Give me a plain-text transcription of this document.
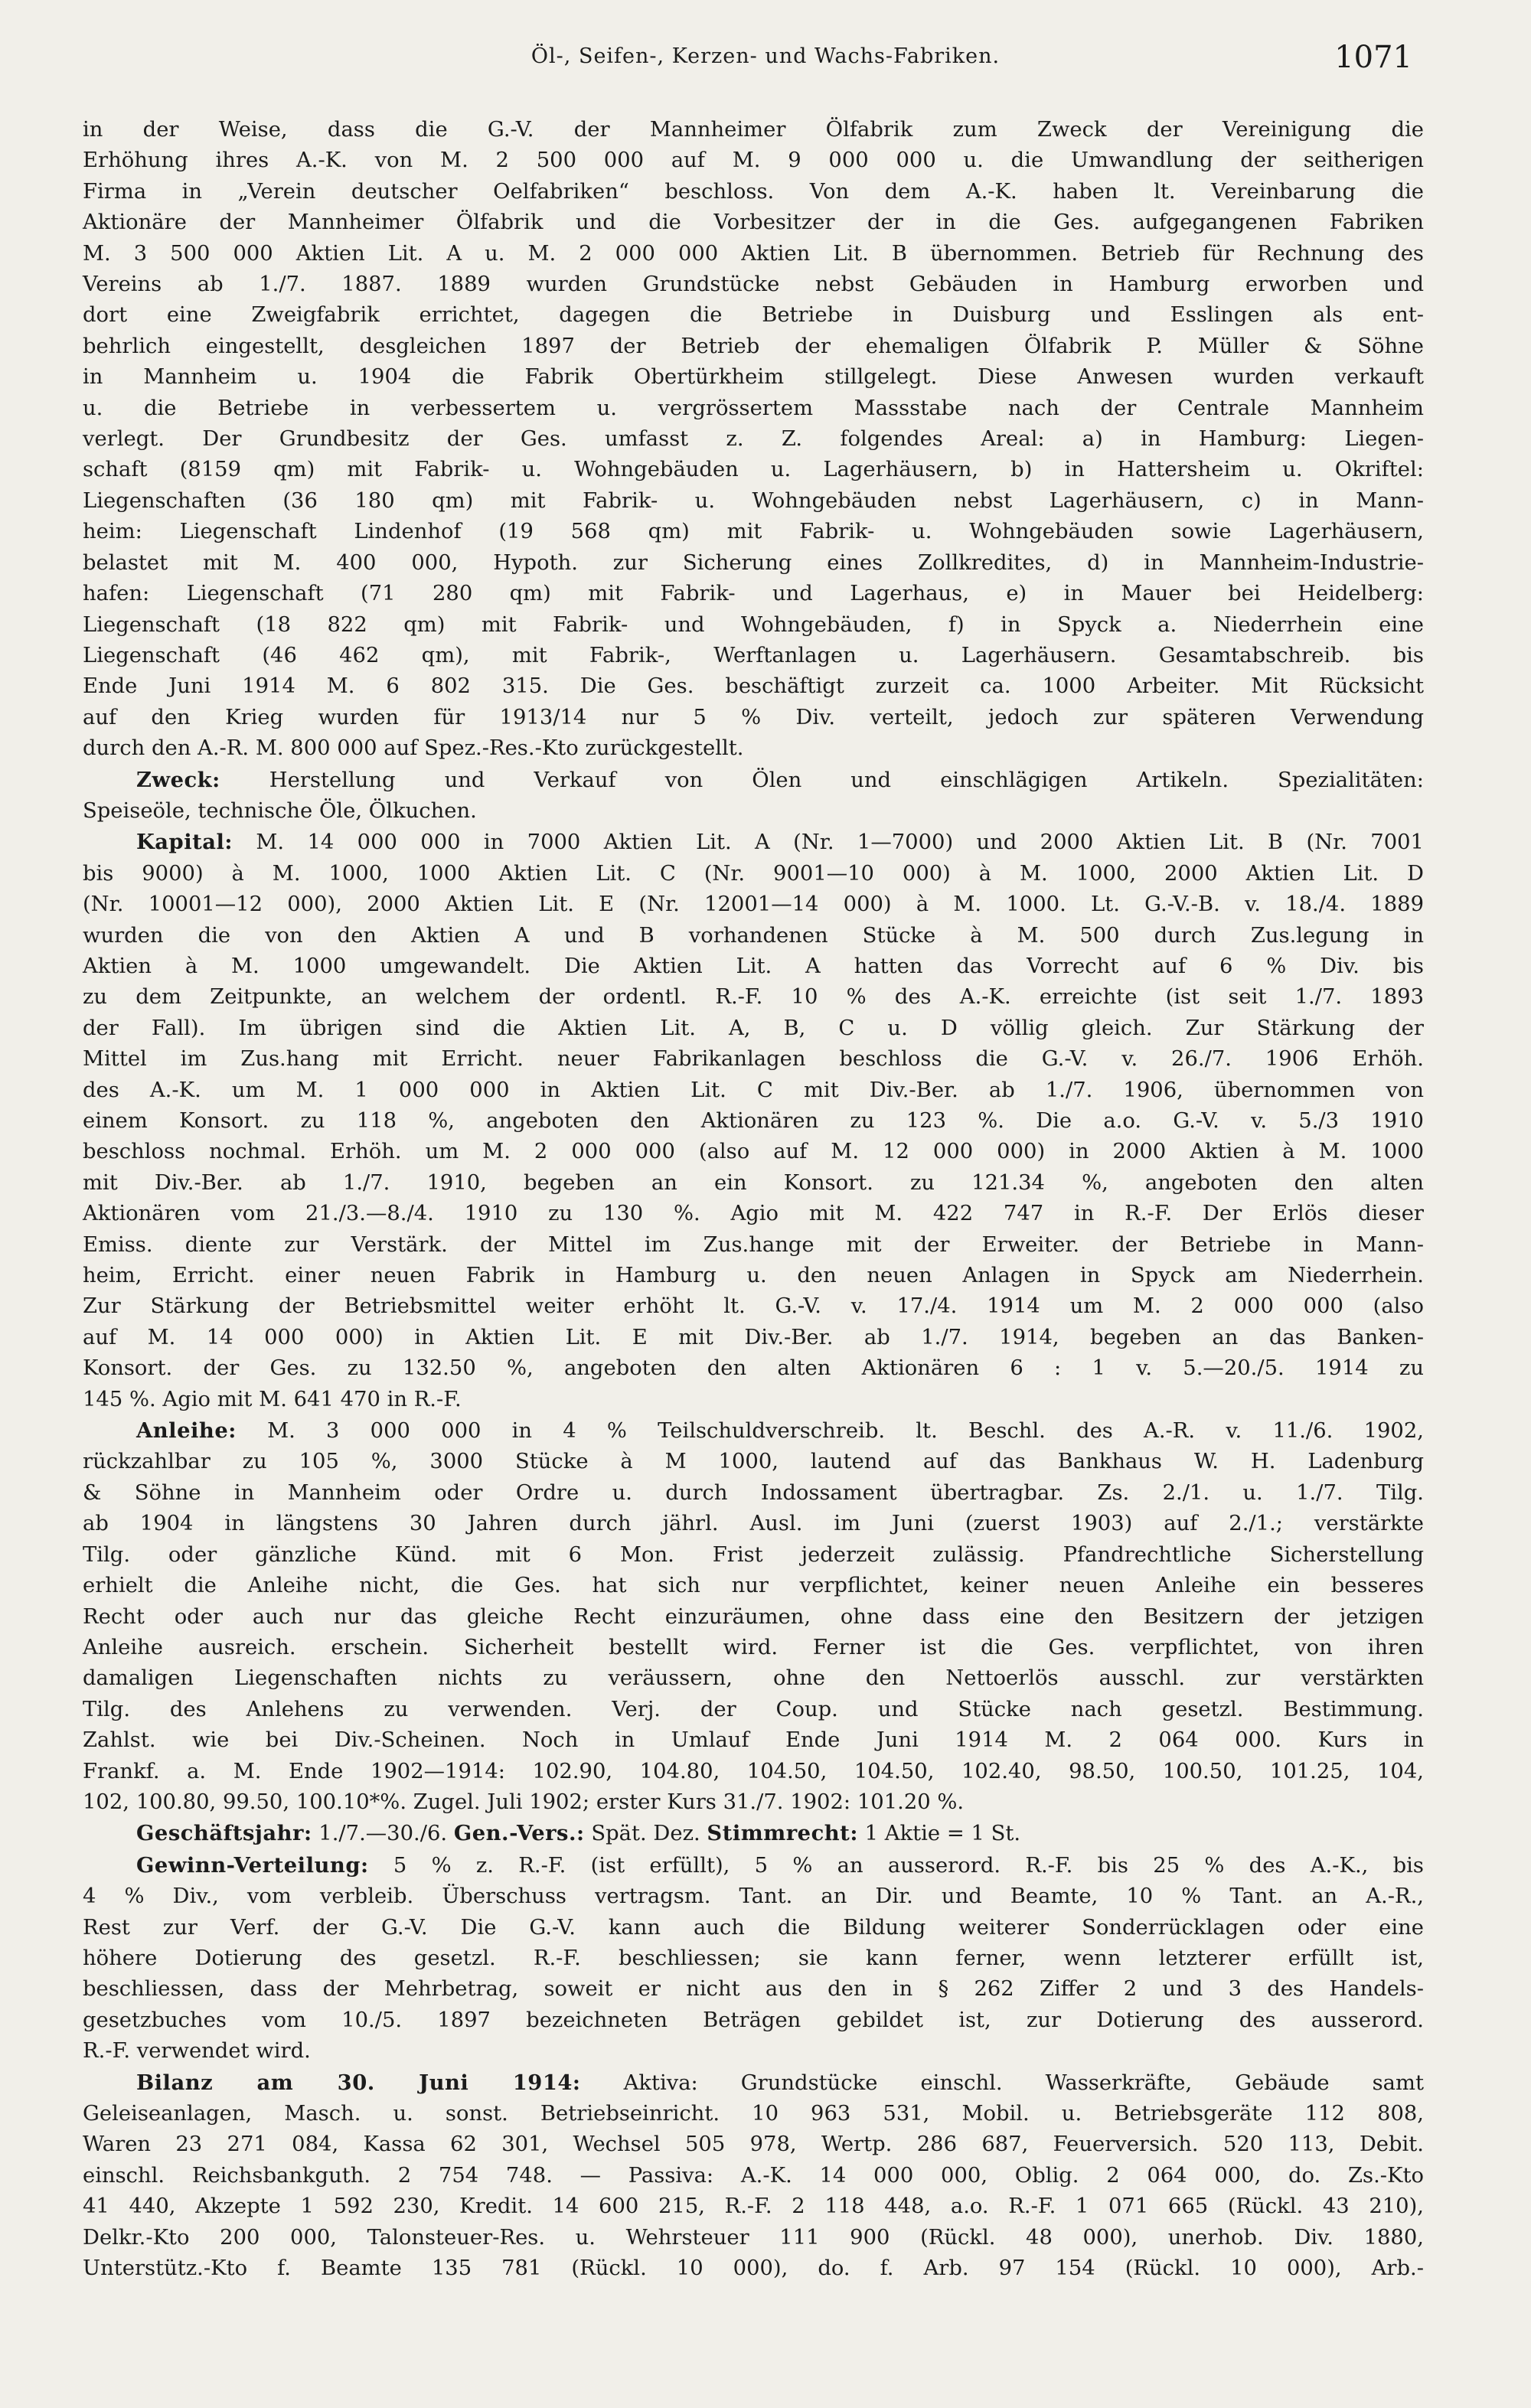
Öl-, Seifen-, Kerzen- und Wachs-Fabriken.	1071

in der Weise, dass die G.-V. der Mannheimer Ölfabrik zum Zweck der Vereinigung die
Erhöhung ihres A.-K. von M. 2 500 000 auf M. 9 000 000 u. die Umwandlung der seitherigen
Firma in „Verein deutscher Oelfabriken“ beschloss. Von dem A.-K. haben lt. Vereinbarung die
Aktionäre der Mannheimer Ölfabrik und die Vorbesitzer der in die Ges. aufgegangenen Fabriken
M. 3 500 000 Aktien Lit. A u. M. 2 000 000 Aktien Lit. B übernommen. Betrieb für Rechnung des
Vereins ab 1./7. 1887. 1889 wurden Grundstücke nebst Gebäuden in Hamburg erworben und
dort eine Zweigfabrik errichtet, dagegen die Betriebe in Duisburg und Esslingen als ent-
behrlich eingestellt, desgleichen 1897 der Betrieb der ehemaligen Ölfabrik P. Müller & Söhne
in Mannheim u. 1904 die Fabrik Obertürkheim stillgelegt. Diese Anwesen wurden verkauft
u. die Betriebe in verbessertem u. vergrössertem Massstabe nach der Centrale Mannheim
verlegt. Der Grundbesitz der Ges. umfasst z. Z. folgendes Areal: a) in Hamburg: Liegen-
schaft (8159 qm) mit Fabrik- u. Wohngebäuden u. Lagerhäusern, b) in Hattersheim u. Okriftel:
Liegenschaften (36 180 qm) mit Fabrik- u. Wohngebäuden nebst Lagerhäusern, c) in Mann-
heim: Liegenschaft Lindenhof (19 568 qm) mit Fabrik- u. Wohngebäuden sowie Lagerhäusern,
belastet mit M. 400 000, Hypoth. zur Sicherung eines Zollkredites, d) in Mannheim-Industrie-
hafen: Liegenschaft (71 280 qm) mit Fabrik- und Lagerhaus, e) in Mauer bei Heidelberg:
Liegenschaft (18 822 qm) mit Fabrik- und Wohngebäuden, f) in Spyck a. Niederrhein eine
Liegenschaft (46 462 qm), mit Fabrik-, Werftanlagen u. Lagerhäusern. Gesamtabschreib. bis
Ende Juni 1914 M. 6 802 315. Die Ges. beschäftigt zurzeit ca. 1000 Arbeiter. Mit Rücksicht
auf den Krieg wurden für 1913/14 nur 5 % Div. verteilt, jedoch zur späteren Verwendung
durch den A.-R. M. 800 000 auf Spez.-Res.-Kto zurückgestellt.

Zweck: Herstellung und Verkauf von Ölen und einschlägigen Artikeln. Spezialitäten:
Speiseöle, technische Öle, Ölkuchen.

Kapital: M. 14 000 000 in 7000 Aktien Lit. A (Nr. 1—7000) und 2000 Aktien Lit. B (Nr. 7001
bis 9000) à M. 1000, 1000 Aktien Lit. C (Nr. 9001—10 000) à M. 1000, 2000 Aktien Lit. D
(Nr. 10001—12 000), 2000 Aktien Lit. E (Nr. 12001—14 000) à M. 1000. Lt. G.-V.-B. v. 18./4. 1889
wurden die von den Aktien A und B vorhandenen Stücke à M. 500 durch Zus.legung in
Aktien à M. 1000 umgewandelt. Die Aktien Lit. A hatten das Vorrecht auf 6 % Div. bis
zu dem Zeitpunkte, an welchem der ordentl. R.-F. 10 % des A.-K. erreichte (ist seit 1./7. 1893
der Fall). Im übrigen sind die Aktien Lit. A, B, C u. D völlig gleich. Zur Stärkung der
Mittel im Zus.hang mit Erricht. neuer Fabrikanlagen beschloss die G.-V. v. 26./7. 1906 Erhöh.
des A.-K. um M. 1 000 000 in Aktien Lit. C mit Div.-Ber. ab 1./7. 1906, übernommen von
einem Konsort. zu 118 %, angeboten den Aktionären zu 123 %. Die a.o. G.-V. v. 5./3 1910
beschloss nochmal. Erhöh. um M. 2 000 000 (also auf M. 12 000 000) in 2000 Aktien à M. 1000
mit Div.-Ber. ab 1./7. 1910, begeben an ein Konsort. zu 121.34 %, angeboten den alten
Aktionären vom 21./3.—8./4. 1910 zu 130 %. Agio mit M. 422 747 in R.-F. Der Erlös dieser
Emiss. diente zur Verstärk. der Mittel im Zus.hange mit der Erweiter. der Betriebe in Mann-
heim, Erricht. einer neuen Fabrik in Hamburg u. den neuen Anlagen in Spyck am Niederrhein.
Zur Stärkung der Betriebsmittel weiter erhöht lt. G.-V. v. 17./4. 1914 um M. 2 000 000 (also
auf M. 14 000 000) in Aktien Lit. E mit Div.-Ber. ab 1./7. 1914, begeben an das Banken-
Konsort. der Ges. zu 132.50 %, angeboten den alten Aktionären 6 : 1 v. 5.—20./5. 1914 zu
145 %. Agio mit M. 641 470 in R.-F.

Anleihe: M. 3 000 000 in 4 % Teilschuldverschreib. lt. Beschl. des A.-R. v. 11./6. 1902,
rückzahlbar zu 105 %, 3000 Stücke à M 1000, lautend auf das Bankhaus W. H. Ladenburg
& Söhne in Mannheim oder Ordre u. durch Indossament übertragbar. Zs. 2./1. u. 1./7. Tilg.
ab 1904 in längstens 30 Jahren durch jährl. Ausl. im Juni (zuerst 1903) auf 2./1.; verstärkte
Tilg. oder gänzliche Künd. mit 6 Mon. Frist jederzeit zulässig. Pfandrechtliche Sicherstellung
erhielt die Anleihe nicht, die Ges. hat sich nur verpflichtet, keiner neuen Anleihe ein besseres
Recht oder auch nur das gleiche Recht einzuräumen, ohne dass eine den Besitzern der jetzigen
Anleihe ausreich. erschein. Sicherheit bestellt wird. Ferner ist die Ges. verpflichtet, von ihren
damaligen Liegenschaften nichts zu veräussern, ohne den Nettoerlös ausschl. zur verstärkten
Tilg. des Anlehens zu verwenden. Verj. der Coup. und Stücke nach gesetzl. Bestimmung.
Zahlst. wie bei Div.-Scheinen. Noch in Umlauf Ende Juni 1914 M. 2 064 000. Kurs in
Frankf. a. M. Ende 1902—1914: 102.90, 104.80, 104.50, 104.50, 102.40, 98.50, 100.50, 101.25, 104,
102, 100.80, 99.50, 100.10*%. Zugel. Juli 1902; erster Kurs 31./7. 1902: 101.20 %.

Geschäftsjahr: 1./7.—30./6. Gen.-Vers.: Spät. Dez. Stimmrecht: 1 Aktie = 1 St.

Gewinn-Verteilung: 5 % z. R.-F. (ist erfüllt), 5 % an ausserord. R.-F. bis 25 % des A.-K., bis
4 % Div., vom verbleib. Überschuss vertragsm. Tant. an Dir. und Beamte, 10 % Tant. an A.-R.,
Rest zur Verf. der G.-V. Die G.-V. kann auch die Bildung weiterer Sonderrücklagen oder eine
höhere Dotierung des gesetzl. R.-F. beschliessen; sie kann ferner, wenn letzterer erfüllt ist,
beschliessen, dass der Mehrbetrag, soweit er nicht aus den in § 262 Ziffer 2 und 3 des Handels-
gesetzbuches vom 10./5. 1897 bezeichneten Beträgen gebildet ist, zur Dotierung des ausserord.
R.-F. verwendet wird.

Bilanz am 30. Juni 1914: Aktiva: Grundstücke einschl. Wasserkräfte, Gebäude samt
Geleiseanlagen, Masch. u. sonst. Betriebseinricht. 10 963 531, Mobil. u. Betriebsgeräte 112 808,
Waren 23 271 084, Kassa 62 301, Wechsel 505 978, Wertp. 286 687, Feuerversich. 520 113, Debit.
einschl. Reichsbankguth. 2 754 748. — Passiva: A.-K. 14 000 000, Oblig. 2 064 000, do. Zs.-Kto
41 440, Akzepte 1 592 230, Kredit. 14 600 215, R.-F. 2 118 448, a.o. R.-F. 1 071 665 (Rückl. 43 210),
Delkr.-Kto 200 000, Talonsteuer-Res. u. Wehrsteuer 111 900 (Rückl. 48 000), unerhob. Div. 1880,
Unterstütz.-Kto f. Beamte 135 781 (Rückl. 10 000), do. f. Arb. 97 154 (Rückl. 10 000), Arb.-
